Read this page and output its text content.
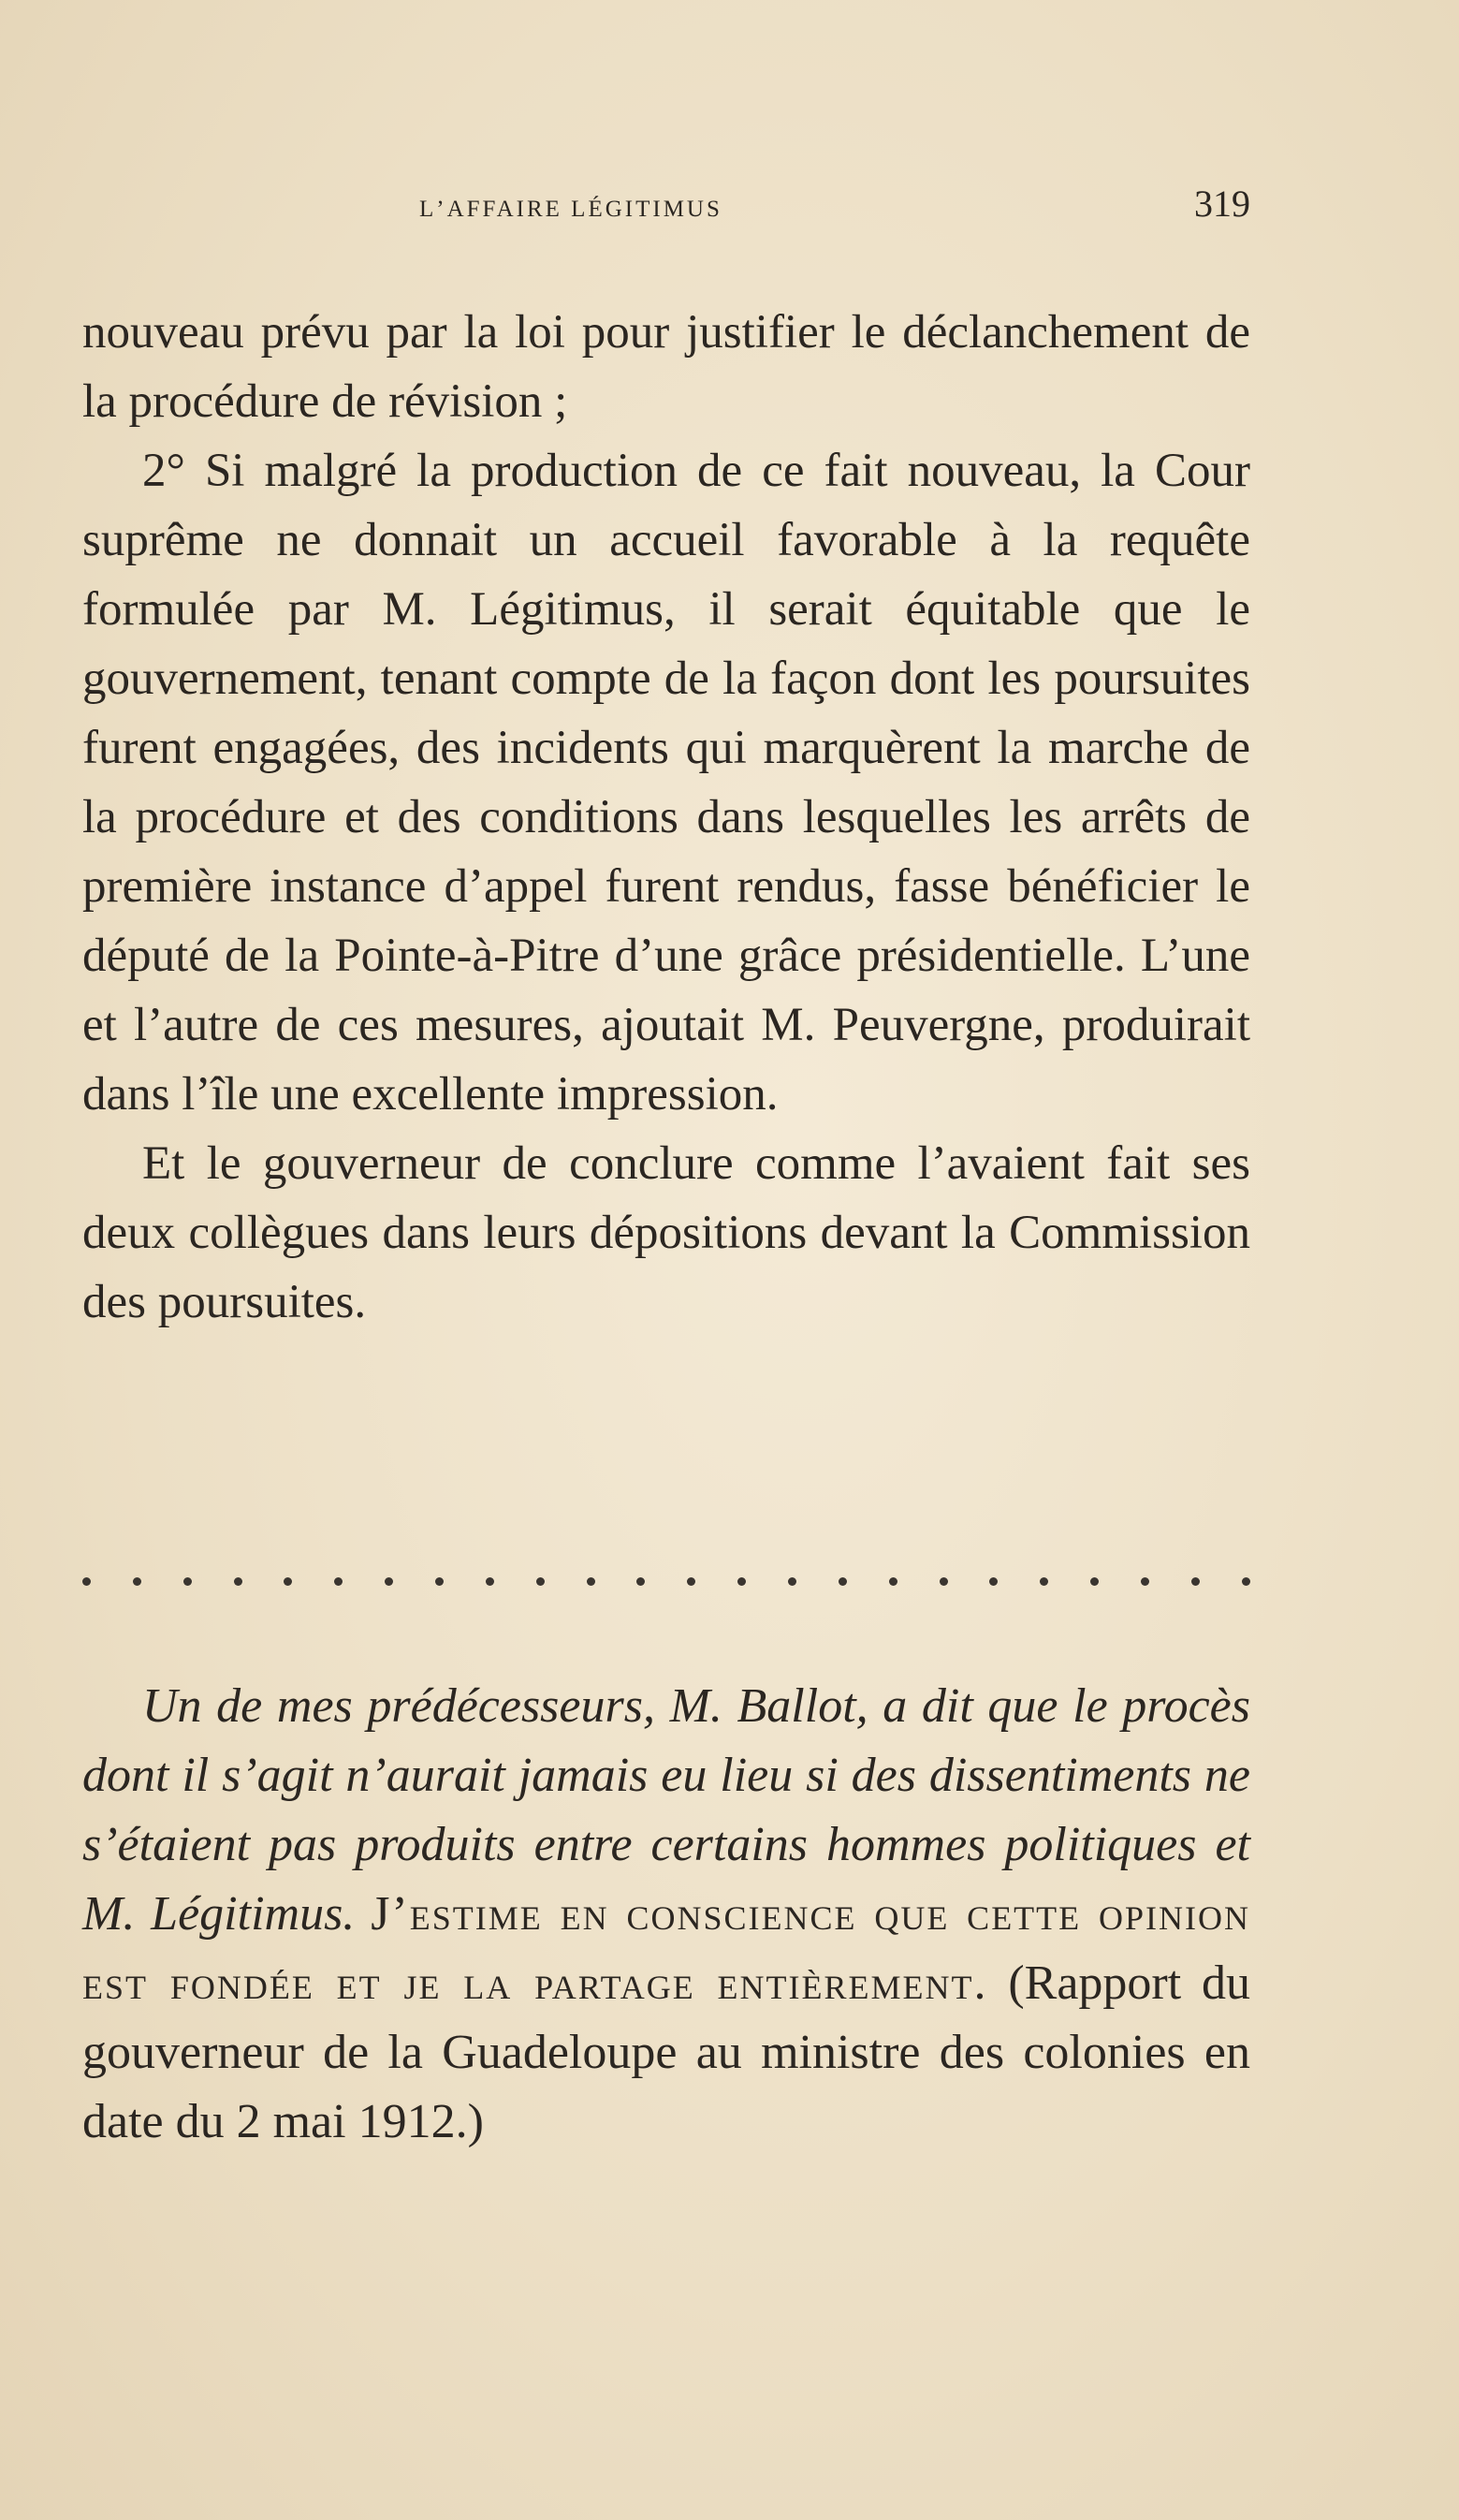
l’affaire légitimus	319

nouveau prévu par la loi pour justifier le déclanchement de la procédure de révision ;

2° Si malgré la production de ce fait nouveau, la Cour suprême ne donnait un accueil favorable à la requête formulée par M. Légitimus, il serait équitable que le gouvernement, tenant compte de la façon dont les poursuites furent engagées, des incidents qui marquèrent la marche de la procédure et des conditions dans lesquelles les arrêts de première instance d’appel furent rendus, fasse bénéficier le député de la Pointe-à-Pitre d’une grâce présidentielle. L’une et l’autre de ces mesures, ajoutait M. Peuvergne, produirait dans l’île une excellente impression.

Et le gouverneur de conclure comme l’avaient fait ses deux collègues dans leurs dépositions devant la Commission des poursuites.

Un de mes prédécesseurs, M. Ballot, a dit que le procès dont il s’agit n’aurait jamais eu lieu si des dissentiments ne s’étaient pas produits entre certains hommes politiques et M. Légitimus. J’estime en conscience que cette opinion est fondée et je la partage entièrement. (Rapport du gouverneur de la Guadeloupe au ministre des colonies en date du 2 mai 1912.)
